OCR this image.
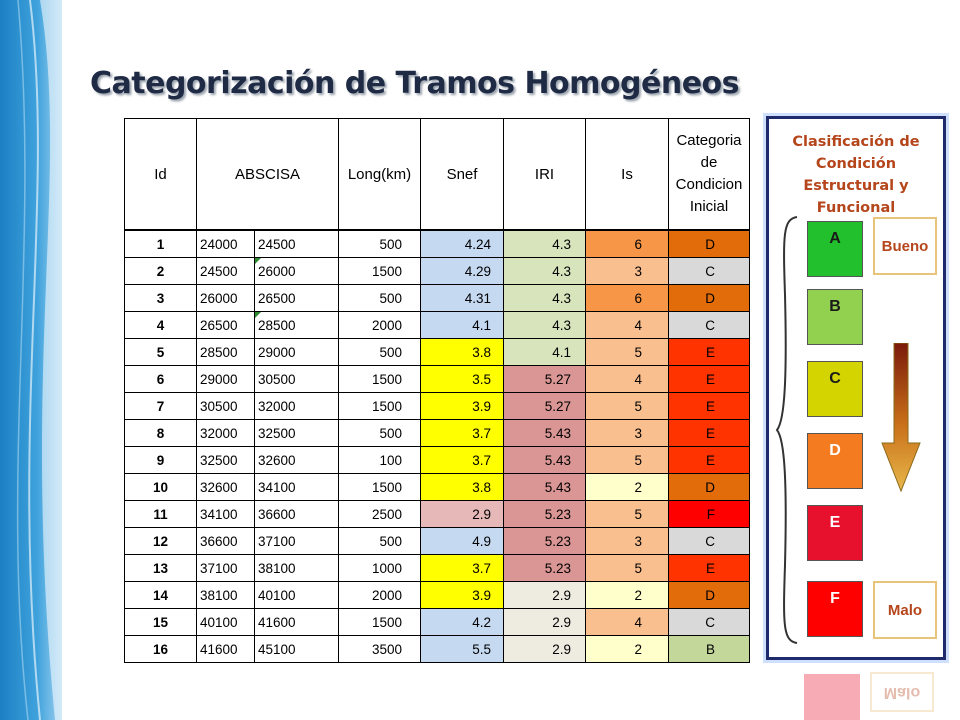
Categorización de Tramos Homogéneos
Id	ABSCISA		Long(km)	Snef	IRI	Is	Categoria de Condicion Inicial
1	24000	24500	500	4.24	4.3	6	D
2	24500	26000	1500	4.29	4.3	3	C
3	26000	26500	500	4.31	4.3	6	D
4	26500	28500	2000	4.1	4.3	4	C
5	28500	29000	500	3.8	4.1	5	E
6	29000	30500	1500	3.5	5.27	4	E
7	30500	32000	1500	3.9	5.27	5	E
8	32000	32500	500	3.7	5.43	3	E
9	32500	32600	100	3.7	5.43	5	E
10	32600	34100	1500	3.8	5.43	2	D
11	34100	36600	2500	2.9	5.23	5	F
12	36600	37100	500	4.9	5.23	3	C
13	37100	38100	1000	3.7	5.23	5	E
14	38100	40100	2000	3.9	2.9	2	D
15	40100	41600	1500	4.2	2.9	4	C
16	41600	45100	3500	5.5	2.9	2	B
Clasificación de
Condición Estructural y
Funcional
A
B
C
D
E
F
Bueno
Malo
Malo
